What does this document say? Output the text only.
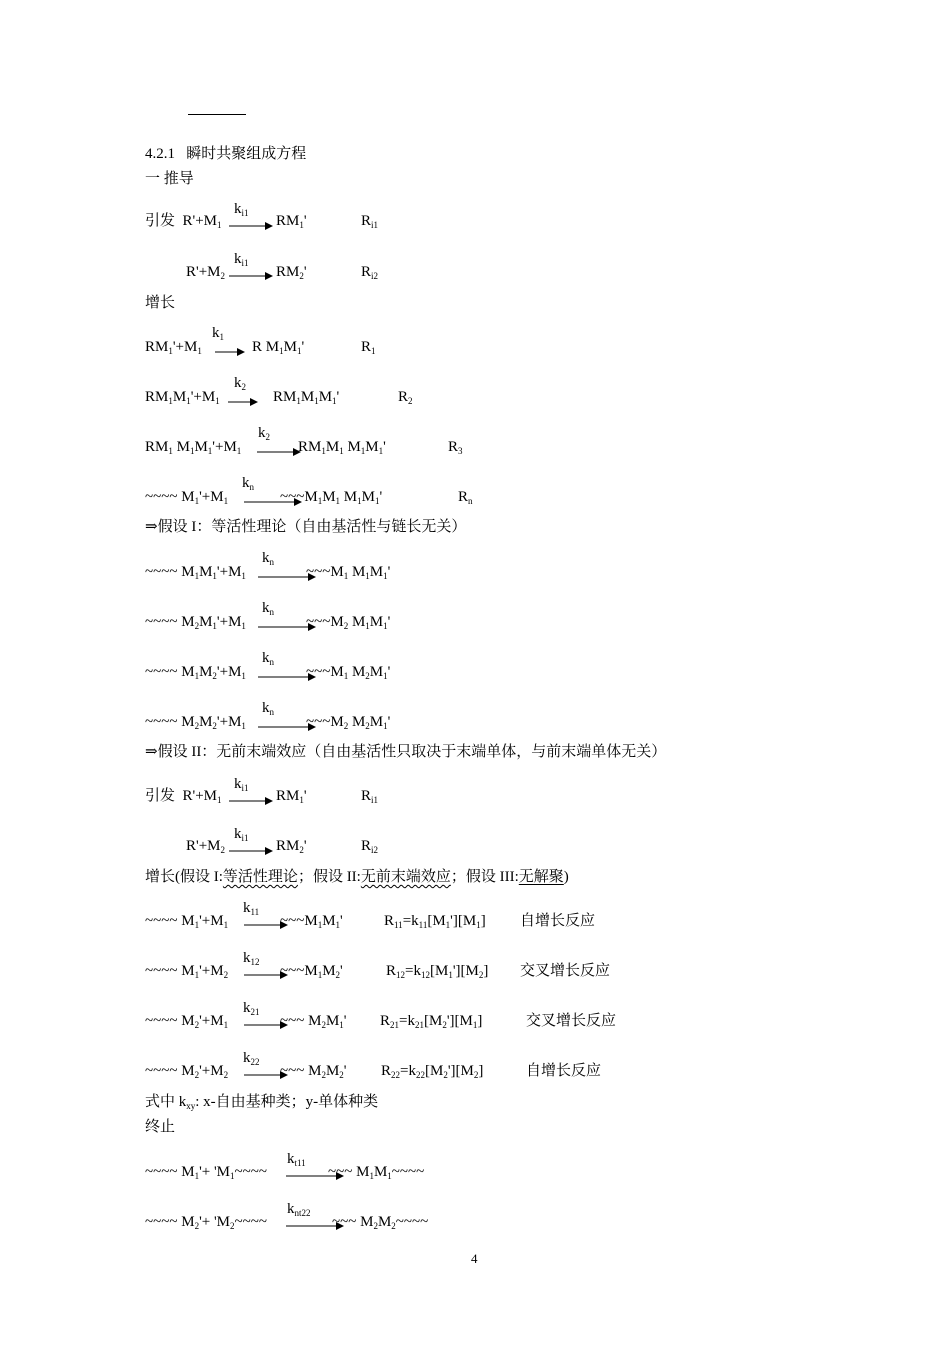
4.2.1 瞬时共聚组成方程
一 推导
引发  $R'+M_1$
$k_{i1} \to RM_1'$	$R_{i1}$
$R'+M_2$
$k_{i1}$
→ $RM_2'$	$R_{i2}$
增长
$RM_1'+M_1$
$k_1$
→ R $M_1M_1'$	$R_1$
$RM_1M_1'+M_1$
$k_2$
→ $RM_1M_1M_1'$	$R_2$
$RM_1$ $M_1M_1'+M_1$
$k_2$
$RM_1M_1$ $M_1M_1'$	$R_3$
~~~~ $M_1'+M_1$
$k_n$
$\sim\sim\sim M_1M_1$ $M_1M_1'$	$R_n$
⇒假设 I：等活性理论（自由基活性与链长无关）
~~~~ $M_1M_1'+M_1$
$k_n$
$\sim\sim\sim M_1$ $M_1M_1'$
~~~~ $M_2M_1'+M_1$
$k_n$
$\sim\sim\sim M_2$ $M_1M_1'$
~~~~ $M_1M_2'+M_1$
$k_n$
$\sim\sim\sim M_1$ $M_2M_1'$
~~~~ $M_2M_2'+M_1$
$k_n$
$\sim\sim\sim M_2$ $M_2M_1'$
⇒假设 II：无前末端效应（自由基活性只取决于末端单体，与前末端单体无关）
引发  $R'+M_1$
$k_{i1} \to RM_1'$	$R_{i1}$
$R'+M_2$
$k_{i1} \to RM_2'$	$R_{i2}$
增长(假设 I:等活性理论；假设 II:无前末端效应；假设 III:无解聚)
~~~~ $M_1'+M_1$
$k_{11}$
$\sim\sim\sim M_1M_1'$	$R_{11}=k_{11}[M_1'][M_1]$ 自增长反应
~~~~ $M_1'+M_2$
$k_{12}$
$\sim\sim\sim M_1M_2'$	$R_{12}=k_{12}[M_1'][M_2]$ 交叉增长反应
~~~~ $M_2'+M_1$
$k_{21}$
~~~ $M_2M_1'$ $R_{21}=k_{21}[M_2'][M_1]$	交叉增长反应
~~~~ $M_2'+M_2$
$k_{22}$
~~~ $M_2M_2'$ $R_{22}=k_{22}[M_2'][M_2]$	自增长反应
式中 $k_{xy}$: x-自由基种类；y-单体种类
终止
~~~~ $M_1'+$ '$M_1\sim\sim\sim\sim$
$k_{t11}$
~~~ $M_1M_1\sim\sim\sim\sim$
~~~~ $M_2'+$ '$M_2\sim\sim\sim\sim$
$k_{nt22}$
~~~ $M_2M_2\sim\sim\sim\sim$
4
